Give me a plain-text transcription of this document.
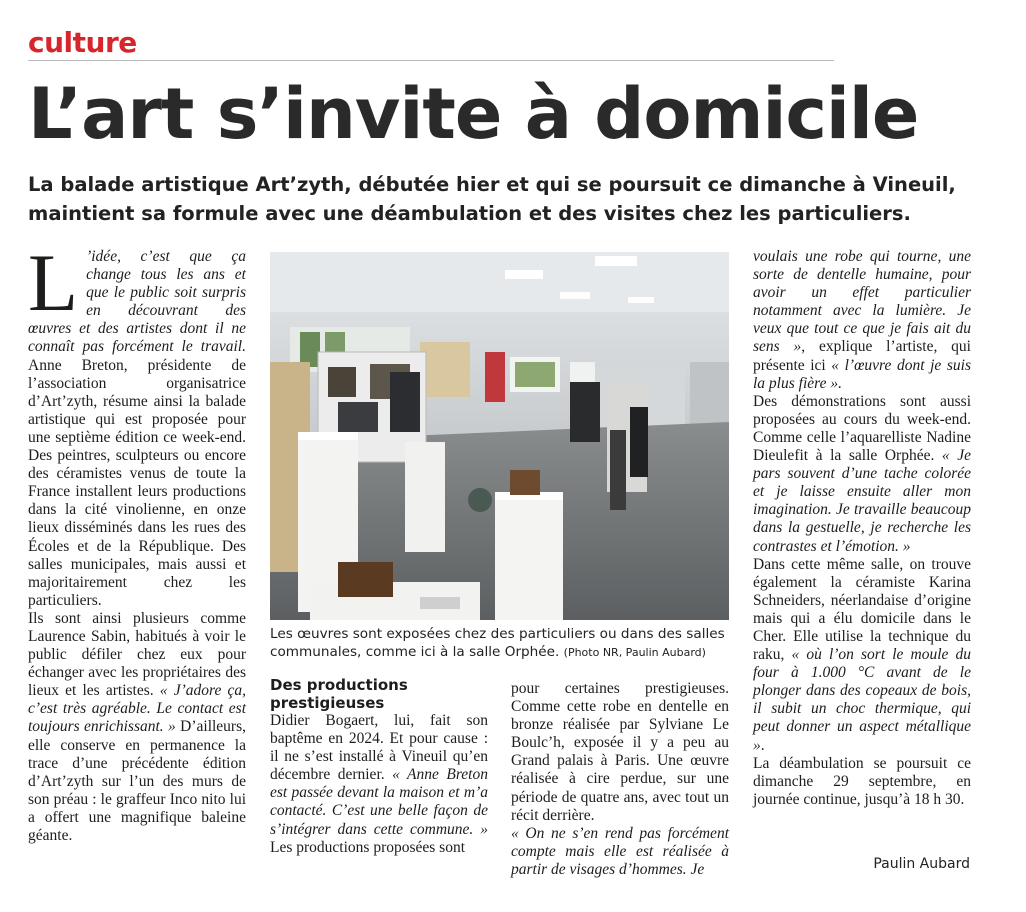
culture
L’art s’invite à domicile
La balade artistique Art’zyth, débutée hier et qui se poursuit ce dimanche à Vineuil, maintient sa formule avec une déambulation et des visites chez les particuliers.

L ’idée, c’est que ça change tous les ans et que le public soit surpris en découvrant des œuvres et des artistes dont il ne connaît pas forcément le travail. Anne Breton, présidente de l’association organisatrice d’Art’zyth, résume ainsi la balade artistique qui est proposée pour une septième édition ce week-end. Des peintres, sculpteurs ou encore des céramistes venus de toute la France installent leurs productions dans la cité vinolienne, en onze lieux disséminés dans les rues des Écoles et de la République. Des salles municipales, mais aussi et majoritairement chez les particuliers.

Ils sont ainsi plusieurs comme Laurence Sabin, habitués à voir le public défiler chez eux pour échanger avec les propriétaires des lieux et les artistes. « J’adore ça, c’est très agréable. Le contact est toujours enrichissant. » D’ailleurs, elle conserve en permanence la trace d’une précédente édition d’Art’zyth sur l’un des murs de son préau : le graffeur Inco nito lui a offert une magnifique baleine géante.

Les œuvres sont exposées chez des particuliers ou dans des salles communales, comme ici à la salle Orphée. (Photo NR, Paulin Aubard)

Des productions prestigieuses

Didier Bogaert, lui, fait son baptême en 2024. Et pour cause : il ne s’est installé à Vineuil qu’en décembre dernier. « Anne Breton est passée devant la maison et m’a contacté. C’est une belle façon de s’intégrer dans cette commune. » Les productions proposées sont

pour certaines prestigieuses. Comme cette robe en dentelle en bronze réalisée par Sylviane Le Boulc’h, exposée il y a peu au Grand palais à Paris. Une œuvre réalisée à cire perdue, sur une période de quatre ans, avec tout un récit derrière.

« On ne s’en rend pas forcément compte mais elle est réalisée à partir de visages d’hommes. Je

voulais une robe qui tourne, une sorte de dentelle humaine, pour avoir un effet particulier notamment avec la lumière. Je veux que tout ce que je fais ait du sens », explique l’artiste, qui présente ici « l’œuvre dont je suis la plus fière ».

Des démonstrations sont aussi proposées au cours du week-end. Comme celle l’aquarelliste Nadine Dieulefit à la salle Orphée. « Je pars souvent d’une tache colorée et je laisse ensuite aller mon imagination. Je travaille beaucoup dans la gestuelle, je recherche les contrastes et l’émotion. »

Dans cette même salle, on trouve également la céramiste Karina Schneiders, néerlandaise d’origine mais qui a élu domicile dans le Cher. Elle utilise la technique du raku, « où l’on sort le moule du four à 1.000 °C avant de le plonger dans des copeaux de bois, il subit un choc thermique, qui peut donner un aspect métallique ».

La déambulation se poursuit ce dimanche 29 septembre, en journée continue, jusqu’à 18 h 30.

Paulin Aubard
